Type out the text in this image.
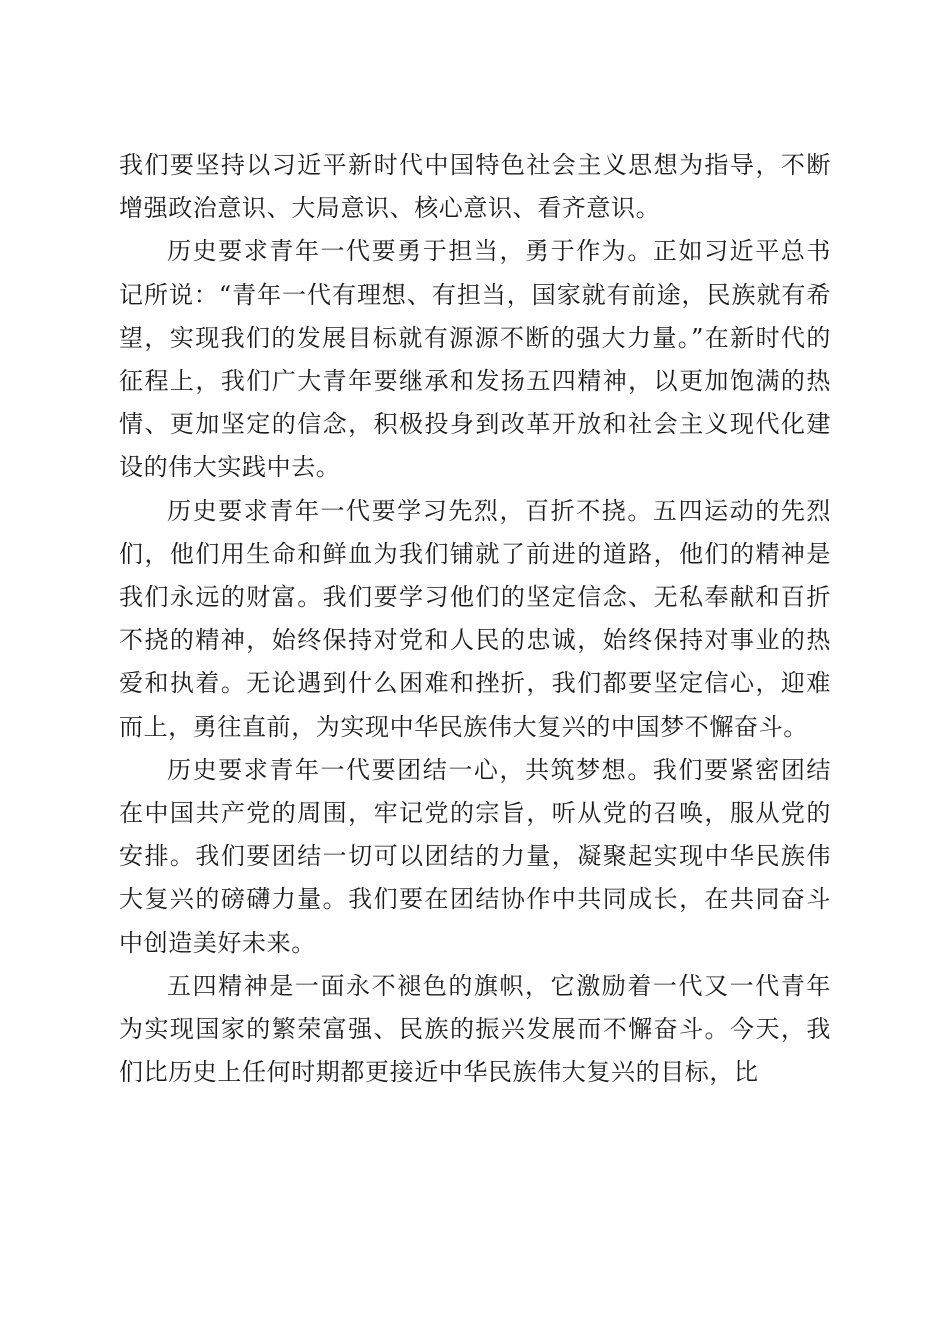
我们要坚持以习近平新时代中国特色社会主义思想为指导，不断增强政治意识、大局意识、核心意识、看齐意识。

历史要求青年一代要勇于担当，勇于作为。正如习近平总书记所说：“青年一代有理想、有担当，国家就有前途，民族就有希望，实现我们的发展目标就有源源不断的强大力量。”在新时代的征程上，我们广大青年要继承和发扬五四精神，以更加饱满的热情、更加坚定的信念，积极投身到改革开放和社会主义现代化建设的伟大实践中去。

历史要求青年一代要学习先烈，百折不挠。五四运动的先烈们，他们用生命和鲜血为我们铺就了前进的道路，他们的精神是我们永远的财富。我们要学习他们的坚定信念、无私奉献和百折不挠的精神，始终保持对党和人民的忠诚，始终保持对事业的热爱和执着。无论遇到什么困难和挫折，我们都要坚定信心，迎难而上，勇往直前，为实现中华民族伟大复兴的中国梦不懈奋斗。

历史要求青年一代要团结一心，共筑梦想。我们要紧密团结在中国共产党的周围，牢记党的宗旨，听从党的召唤，服从党的安排。我们要团结一切可以团结的力量，凝聚起实现中华民族伟大复兴的磅礴力量。我们要在团结协作中共同成长，在共同奋斗中创造美好未来。

五四精神是一面永不褪色的旗帜，它激励着一代又一代青年为实现国家的繁荣富强、民族的振兴发展而不懈奋斗。今天，我们比历史上任何时期都更接近中华民族伟大复兴的目标，比
